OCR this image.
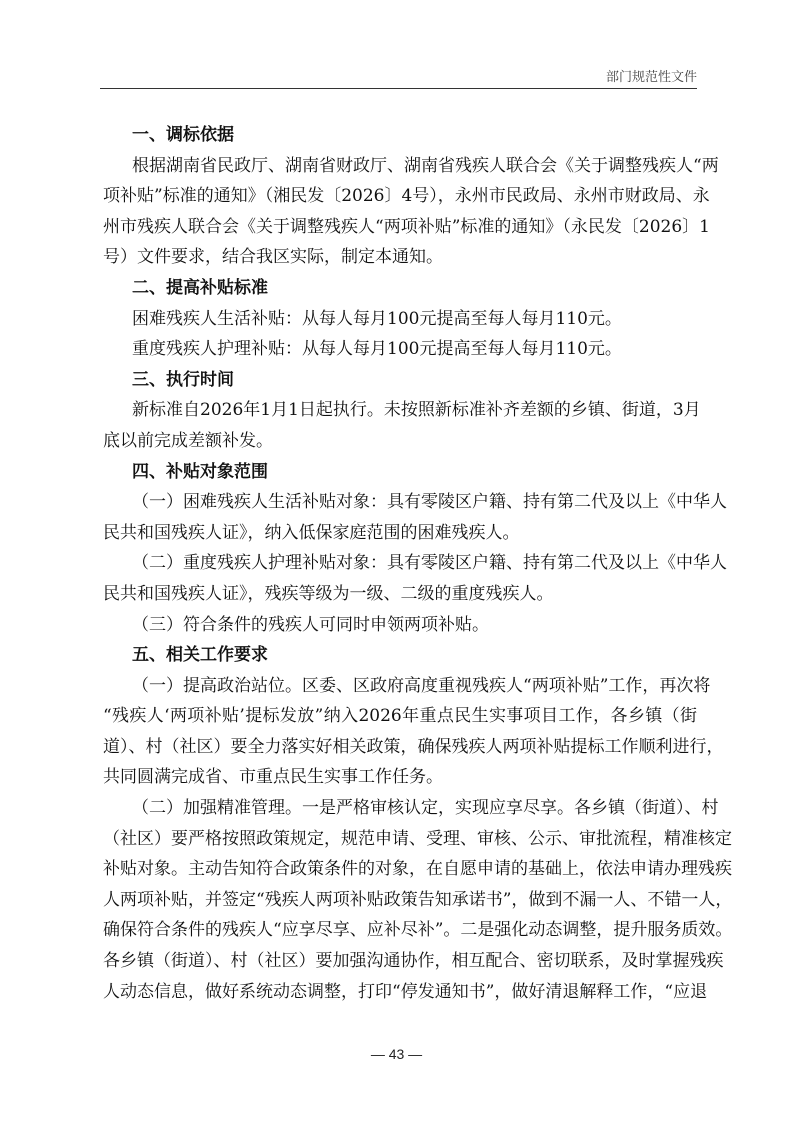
部门规范性文件
一、调标依据
根据湖南省民政厅、湖南省财政厅、湖南省残疾人联合会《关于调整残疾人“两
项补贴”标准的通知》（湘民发〔2026〕4号），永州市民政局、永州市财政局、永
州市残疾人联合会《关于调整残疾人“两项补贴”标准的通知》（永民发〔2026〕1
号）文件要求，结合我区实际，制定本通知。
二、提高补贴标准
困难残疾人生活补贴：从每人每月100元提高至每人每月110元。
重度残疾人护理补贴：从每人每月100元提高至每人每月110元。
三、执行时间
新标准自2026年1月1日起执行。未按照新标准补齐差额的乡镇、街道，3月
底以前完成差额补发。
四、补贴对象范围
（一）困难残疾人生活补贴对象：具有零陵区户籍、持有第二代及以上《中华人
民共和国残疾人证》，纳入低保家庭范围的困难残疾人。
（二）重度残疾人护理补贴对象：具有零陵区户籍、持有第二代及以上《中华人
民共和国残疾人证》，残疾等级为一级、二级的重度残疾人。
（三）符合条件的残疾人可同时申领两项补贴。
五、相关工作要求
（一）提高政治站位。区委、区政府高度重视残疾人“两项补贴”工作，再次将
“残疾人‘两项补贴’提标发放”纳入2026年重点民生实事项目工作，各乡镇（街
道）、村（社区）要全力落实好相关政策，确保残疾人两项补贴提标工作顺利进行，
共同圆满完成省、市重点民生实事工作任务。
（二）加强精准管理。一是严格审核认定，实现应享尽享。各乡镇（街道）、村
（社区）要严格按照政策规定，规范申请、受理、审核、公示、审批流程，精准核定
补贴对象。主动告知符合政策条件的对象，在自愿申请的基础上，依法申请办理残疾
人两项补贴，并签定“残疾人两项补贴政策告知承诺书”，做到不漏一人、不错一人，
确保符合条件的残疾人“应享尽享、应补尽补”。二是强化动态调整，提升服务质效。
各乡镇（街道）、村（社区）要加强沟通协作，相互配合、密切联系，及时掌握残疾
人动态信息，做好系统动态调整，打印“停发通知书”，做好清退解释工作，“应退
— 43 —
